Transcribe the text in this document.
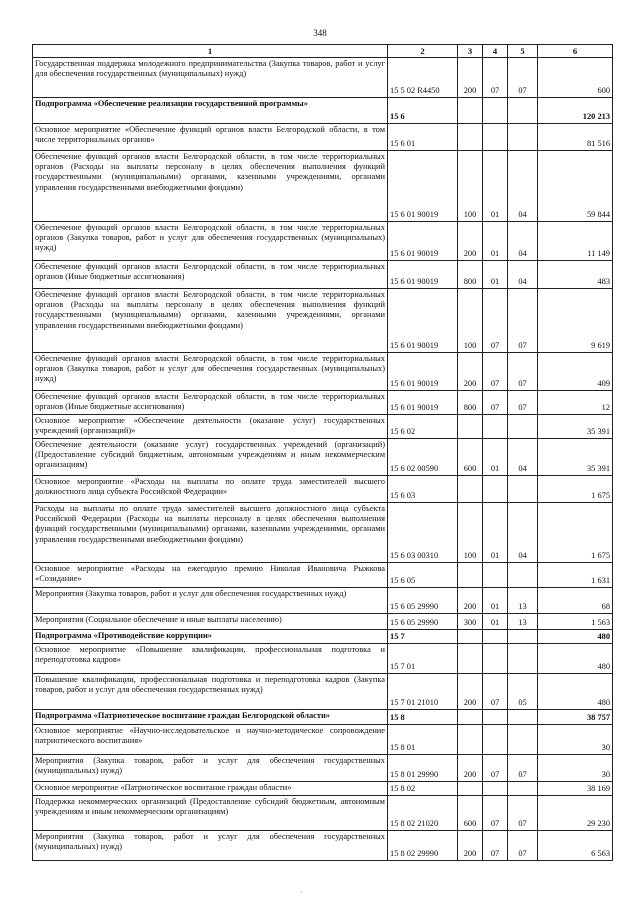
348
1	2	3	4	5	6
Государственная поддержка молодежного предпринимательства (Закупка товаров, работ и услуг для обеспечения государственных (муниципальных) нужд)	15 5 02 R4450	200	07	07	600
Подпрограмма «Обеспечение реализации государственной программы»	15 6				120 213
Основное мероприятие «Обеспечение функций органов власти Белгородской области, в том числе территориальных органов»	15 6 01				81 516
Обеспечение функций органов власти Белгородской области, в том числе территориальных органов (Расходы на выплаты персоналу в целях обеспечения выполнения функций государственными (муниципальными) органами, казенными учреждениями, органами управления государственными внебюджетными фондами)	15 6 01 90019	100	01	04	59 844
Обеспечение функций органов власти Белгородской области, в том числе территориальных органов (Закупка товаров, работ и услуг для обеспечения государственных (муниципальных) нужд)	15 6 01 90019	200	01	04	11 149
Обеспечение функций органов власти Белгородской области, в том числе территориальных органов (Иные бюджетные ассигнования)	15 6 01 90019	800	01	04	483
Обеспечение функций органов власти Белгородской области, в том числе территориальных органов (Расходы на выплаты персоналу в целях обеспечения выполнения функций государственными (муниципальными) органами, казенными учреждениями, органами управления государственными внебюджетными фондами)	15 6 01 90019	100	07	07	9 619
Обеспечение функций органов власти Белгородской области, в том числе территориальных органов (Закупка товаров, работ и услуг для обеспечения государственных (муниципальных) нужд)	15 6 01 90019	200	07	07	409
Обеспечение функций органов власти Белгородской области, в том числе территориальных органов (Иные бюджетные ассигнования)	15 6 01 90019	800	07	07	12
Основное мероприятие «Обеспечение деятельности (оказание услуг) государственных учреждений (организаций)»	15 6 02				35 391
Обеспечение деятельности (оказание услуг) государственных учреждений (организаций) (Предоставление субсидий бюджетным, автономным учреждениям и иным некоммерческим организациям)	15 6 02 00590	600	01	04	35 391
Основное мероприятие «Расходы на выплаты по оплате труда заместителей высшего должностного лица субъекта Российской Федерации»	15 6 03				1 675
Расходы на выплаты по оплате труда заместителей высшего должностного лица субъекта Российской Федерации (Расходы на выплаты персоналу в целях обеспечения выполнения функций государственными (муниципальными) органами, казенными учреждениями, органами управления государственными внебюджетными фондами)	15 6 03 00310	100	01	04	1 675
Основное мероприятие «Расходы на ежегодную премию Николая Ивановича Рыжкова «Созидание»	15 6 05				1 631
Мероприятия (Закупка товаров, работ и услуг для обеспечения государственных нужд)	15 6 05 29990	200	01	13	68
Мероприятия (Социальное обеспечение и иные выплаты населению)	15 6 05 29990	300	01	13	1 563
Подпрограмма «Противодействие коррупции»	15 7				480
Основное мероприятие «Повышение квалификации, профессиональная подготовка и переподготовка кадров»	15 7 01				480
Повышение квалификации, профессиональная подготовка и переподготовка кадров (Закупка товаров, работ и услуг для обеспечения государственных нужд)	15 7 01 21010	200	07	05	480
Подпрограмма «Патриотическое воспитание граждан Белгородской области»	15 8				38 757
Основное мероприятие «Научно-исследовательское и научно-методическое сопровождение патриотического воспитания»	15 8 01				30
Мероприятия (Закупка товаров, работ и услуг для обеспечения государственных (муниципальных) нужд)	15 8 01 29990	200	07	07	30
Основное мероприятие «Патриотическое воспитание граждан области»	15 8 02				38 169
Поддержка некоммерческих организаций (Предоставление субсидий бюджетным, автономным учреждениям и иным некоммерческим организациям)	15 8 02 21020	600	07	07	29 230
Мероприятия (Закупка товаров, работ и услуг для обеспечения государственных (муниципальных) нужд)	15 8 02 29990	200	07	07	6 563
·
